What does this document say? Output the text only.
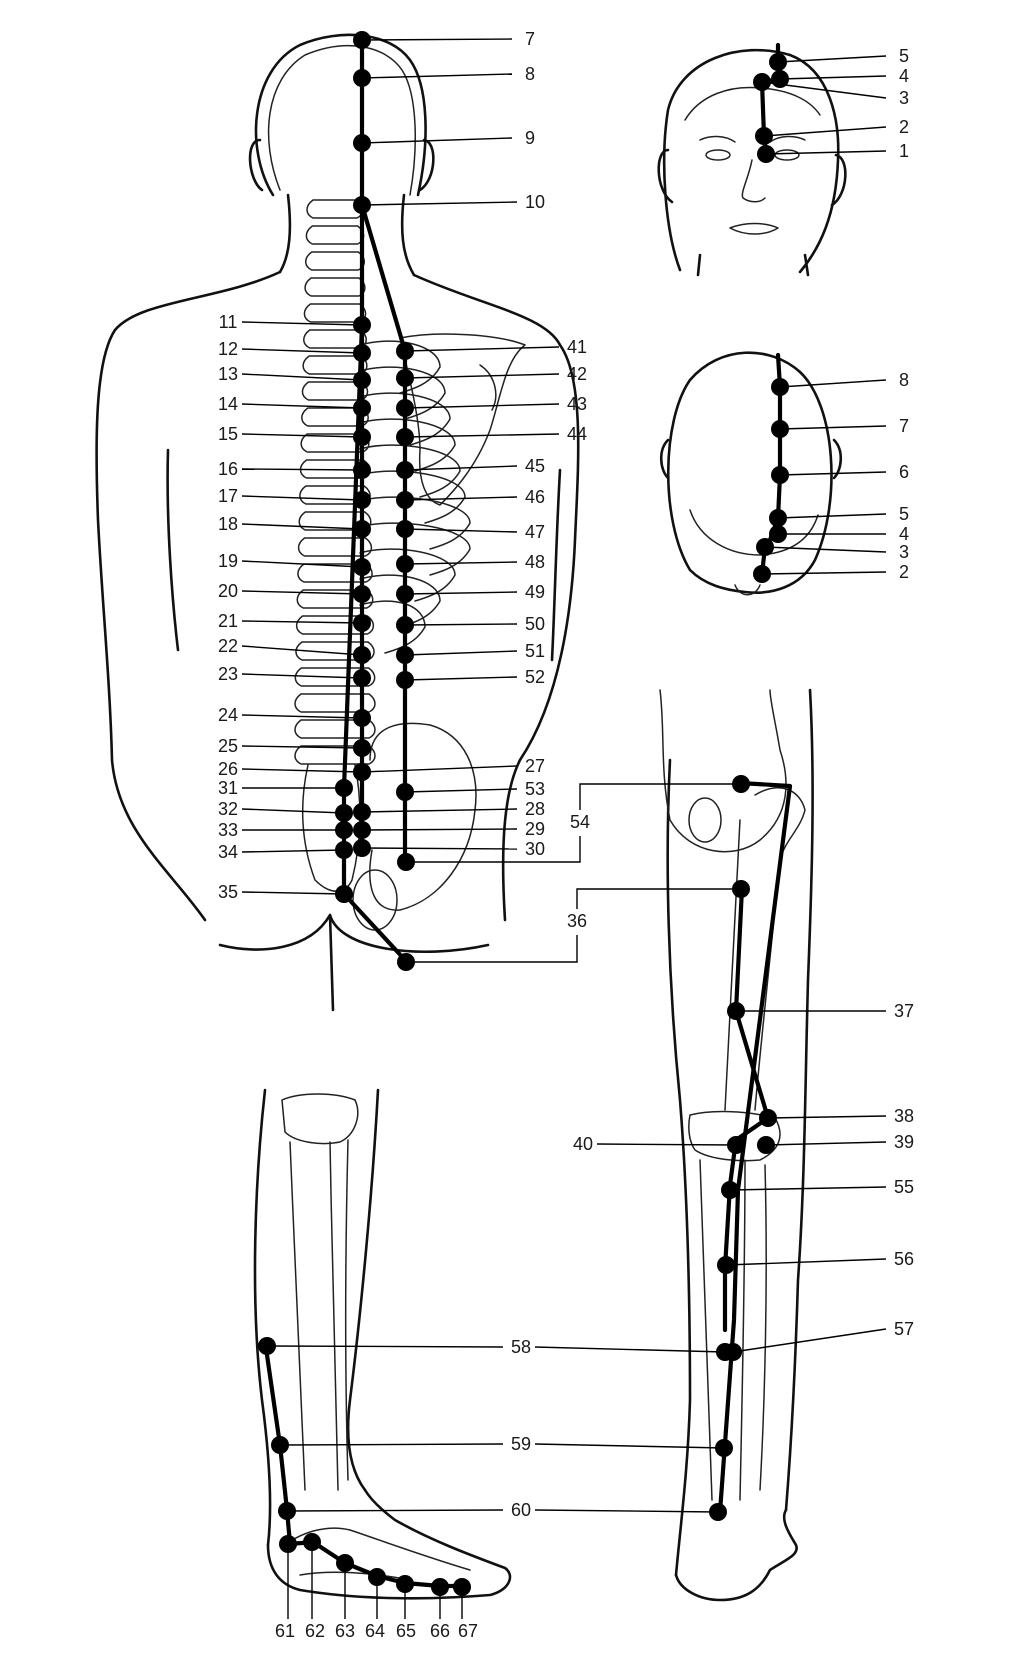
1
2
3
4
5
7
8
9
10
11
12
13
14
15
16
17
18
19
20
21
22
23
24
25
26	27
28
29
30
31
32
33
34
35
41
42
43
44
45
46
47
48
49
50
51
52
53
8
7
6
5
4
3
2
37
38
39
40
55
56
57
58
59
60
61 62 63 64 65 66 67
54
36
